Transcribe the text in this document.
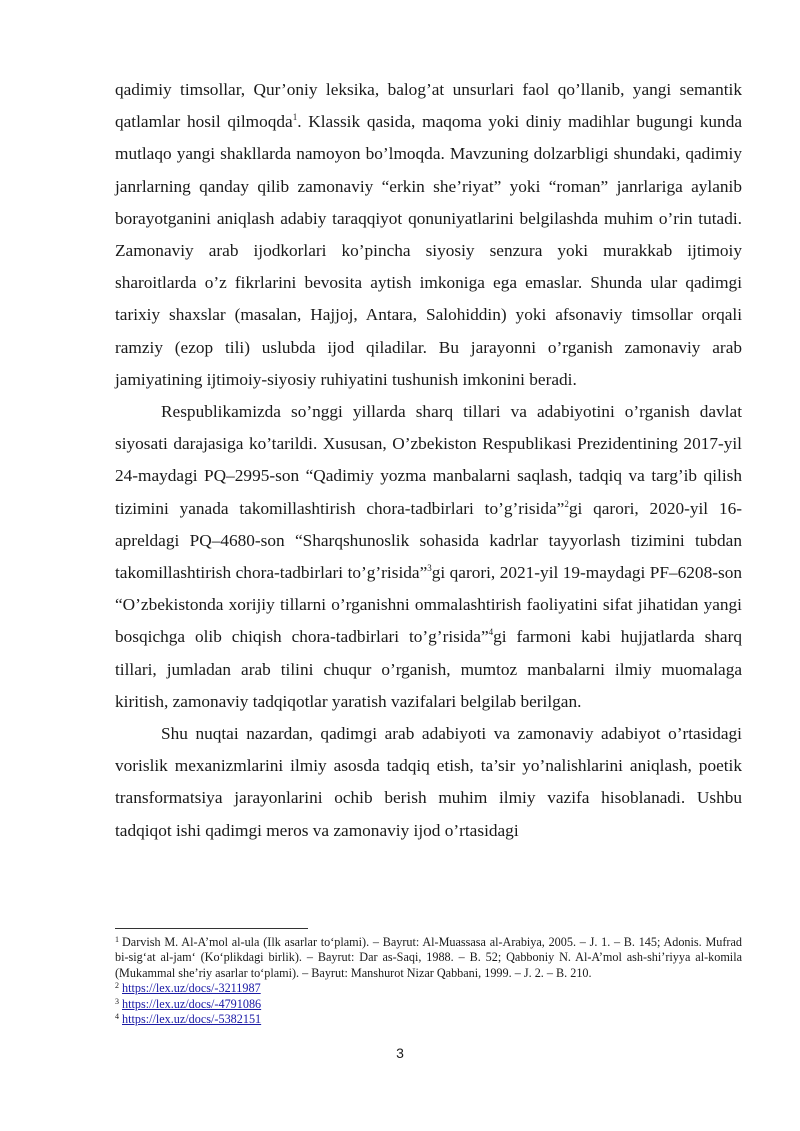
qadimiy timsollar, Qur’oniy leksika, balog’at unsurlari faol qo’llanib, yangi semantik qatlamlar hosil qilmoqda$^1$. Klassik qasida, maqoma yoki diniy madihlar bugungi kunda mutlaqo yangi shakllarda namoyon bo’lmoqda. Mavzuning dolzarbligi shundaki, qadimiy janrlarning qanday qilib zamonaviy “erkin she’riyat” yoki “roman” janrlariga aylanib borayotganini aniqlash adabiy taraqqiyot qonuniyatlarini belgilashda muhim o’rin tutadi. Zamonaviy arab ijodkorlari ko’pincha siyosiy senzura yoki murakkab ijtimoiy sharoitlarda o’z fikrlarini bevosita aytish imkoniga ega emaslar. Shunda ular qadimgi tarixiy shaxslar (masalan, Hajjoj, Antara, Salohiddin) yoki afsonaviy timsollar orqali ramziy (ezop tili) uslubda ijod qiladilar. Bu jarayonni o’rganish zamonaviy arab jamiyatining ijtimoiy-siyosiy ruhiyatini tushunish imkonini beradi.

Respublikamizda so’nggi yillarda sharq tillari va adabiyotini o’rganish davlat siyosati darajasiga ko’tarildi. Xususan, O’zbekiston Respublikasi Prezidentining 2017-yil 24-maydagi PQ–2995-son “Qadimiy yozma manbalarni saqlash, tadqiq va targ’ib qilish tizimini yanada takomillashtirish chora-tadbirlari to’g’risida”$^2$gi qarori, 2020-yil 16-apreldagi PQ–4680-son “Sharqshunoslik sohasida kadrlar tayyorlash tizimini tubdan takomillashtirish chora-tadbirlari to’g’risida”$^3$gi qarori, 2021-yil 19-maydagi PF–6208-son “O’zbekistonda xorijiy tillarni o’rganishni ommalashtirish faoliyatini sifat jihatidan yangi bosqichga olib chiqish chora-tadbirlari to’g’risida”$^4$gi farmoni kabi hujjatlarda sharq tillari, jumladan arab tilini chuqur o’rganish, mumtoz manbalarni ilmiy muomalaga kiritish, zamonaviy tadqiqotlar yaratish vazifalari belgilab berilgan.

Shu nuqtai nazardan, qadimgi arab adabiyoti va zamonaviy adabiyot o’rtasidagi vorislik mexanizmlarini ilmiy asosda tadqiq etish, ta’sir yo’nalishlarini aniqlash, poetik transformatsiya jarayonlarini ochib berish muhim ilmiy vazifa hisoblanadi. Ushbu tadqiqot ishi qadimgi meros va zamonaviy ijod o’rtasidagi

$^1$ Darvish M. Al-A’mol al-ula (Ilk asarlar to‘plami). – Bayrut: Al-Muassasa al-Arabiya, 2005. – J. 1. – B. 145; Adonis. Mufrad bi-sig‘at al-jam‘ (Ko‘plikdagi birlik). – Bayrut: Dar as-Saqi, 1988. – B. 52; Qabboniy N. Al-A’mol ash-shi’riyya al-komila (Mukammal she’riy asarlar to‘plami). – Bayrut: Manshurot Nizar Qabbani, 1999. – J. 2. – B. 210.

$^2$ https://lex.uz/docs/-3211987

$^3$ https://lex.uz/docs/-4791086

$^4$ https://lex.uz/docs/-5382151

3
